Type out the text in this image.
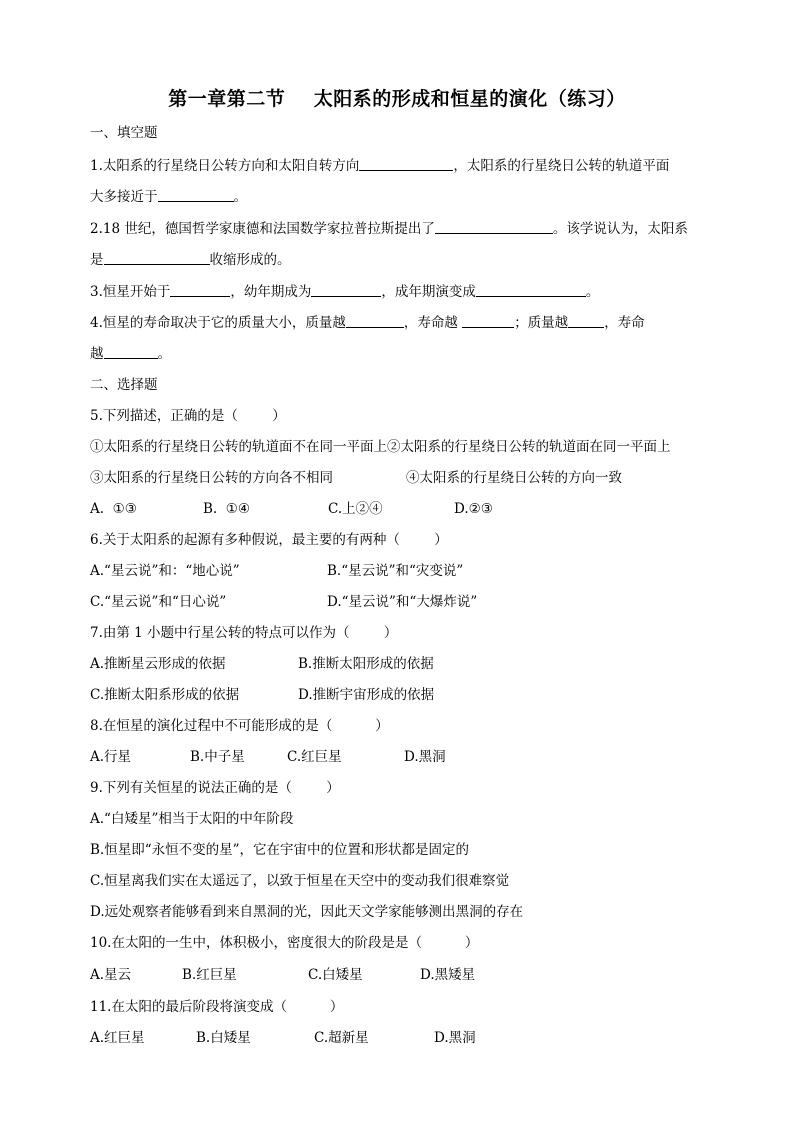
第一章第二节    太阳系的形成和恒星的演化（练习）
一、填空题
1.太阳系的行星绕日公转方向和太阳自转方向	，太阳系的行星绕日公转的轨道平面
大多接近于	。
2.18 世纪，德国哲学家康德和法国数学家拉普拉斯提出了	。该学说认为，太阳系
是	收缩形成的。
3.恒星开始于	，幼年期成为	，成年期演变成	。
4.恒星的寿命取决于它的质量大小，质量越	，寿命越	；质量越	，寿命
越	。
二、选择题
5.下列描述，正确的是（        ）
①太阳系的行星绕日公转的轨道面不在同一平面上②太阳系的行星绕日公转的轨道面在同一平面上
③太阳系的行星绕日公转的方向各不相同	④太阳系的行星绕日公转的方向一致
A.  ①③	B.  ①④	C.上②④	D.②③
6.关于太阳系的起源有多种假说，最主要的有两种（        ）
A.“星云说”和：“地心说”	B.“星云说”和“灾变说”
C.“星云说”和“日心说”	D.“星云说”和“大爆炸说”
7.由第 1 小题中行星公转的特点可以作为（        ）
A.推断星云形成的依据	B.推断太阳形成的依据
C.推断太阳系形成的依据	D.推断宇宙形成的依据
8.在恒星的演化过程中不可能形成的是（          ）
A.行星	B.中子星	C.红巨星	D.黑洞
9.下列有关恒星的说法正确的是（        ）
A.“白矮星”相当于太阳的中年阶段
B.恒星即“永恒不变的星”，它在宇宙中的位置和形状都是固定的
C.恒星离我们实在太遥远了，以致于恒星在天空中的变动我们很难察觉
D.远处观察者能够看到来自黑洞的光，因此天文学家能够测出黑洞的存在
10.在太阳的一生中，体积极小，密度很大的阶段是是（          ）
A.星云	B.红巨星	C.白矮星	D.黑矮星
11.在太阳的最后阶段将演变成（          ）
A.红巨星	B.白矮星	C.超新星	D.黑洞
